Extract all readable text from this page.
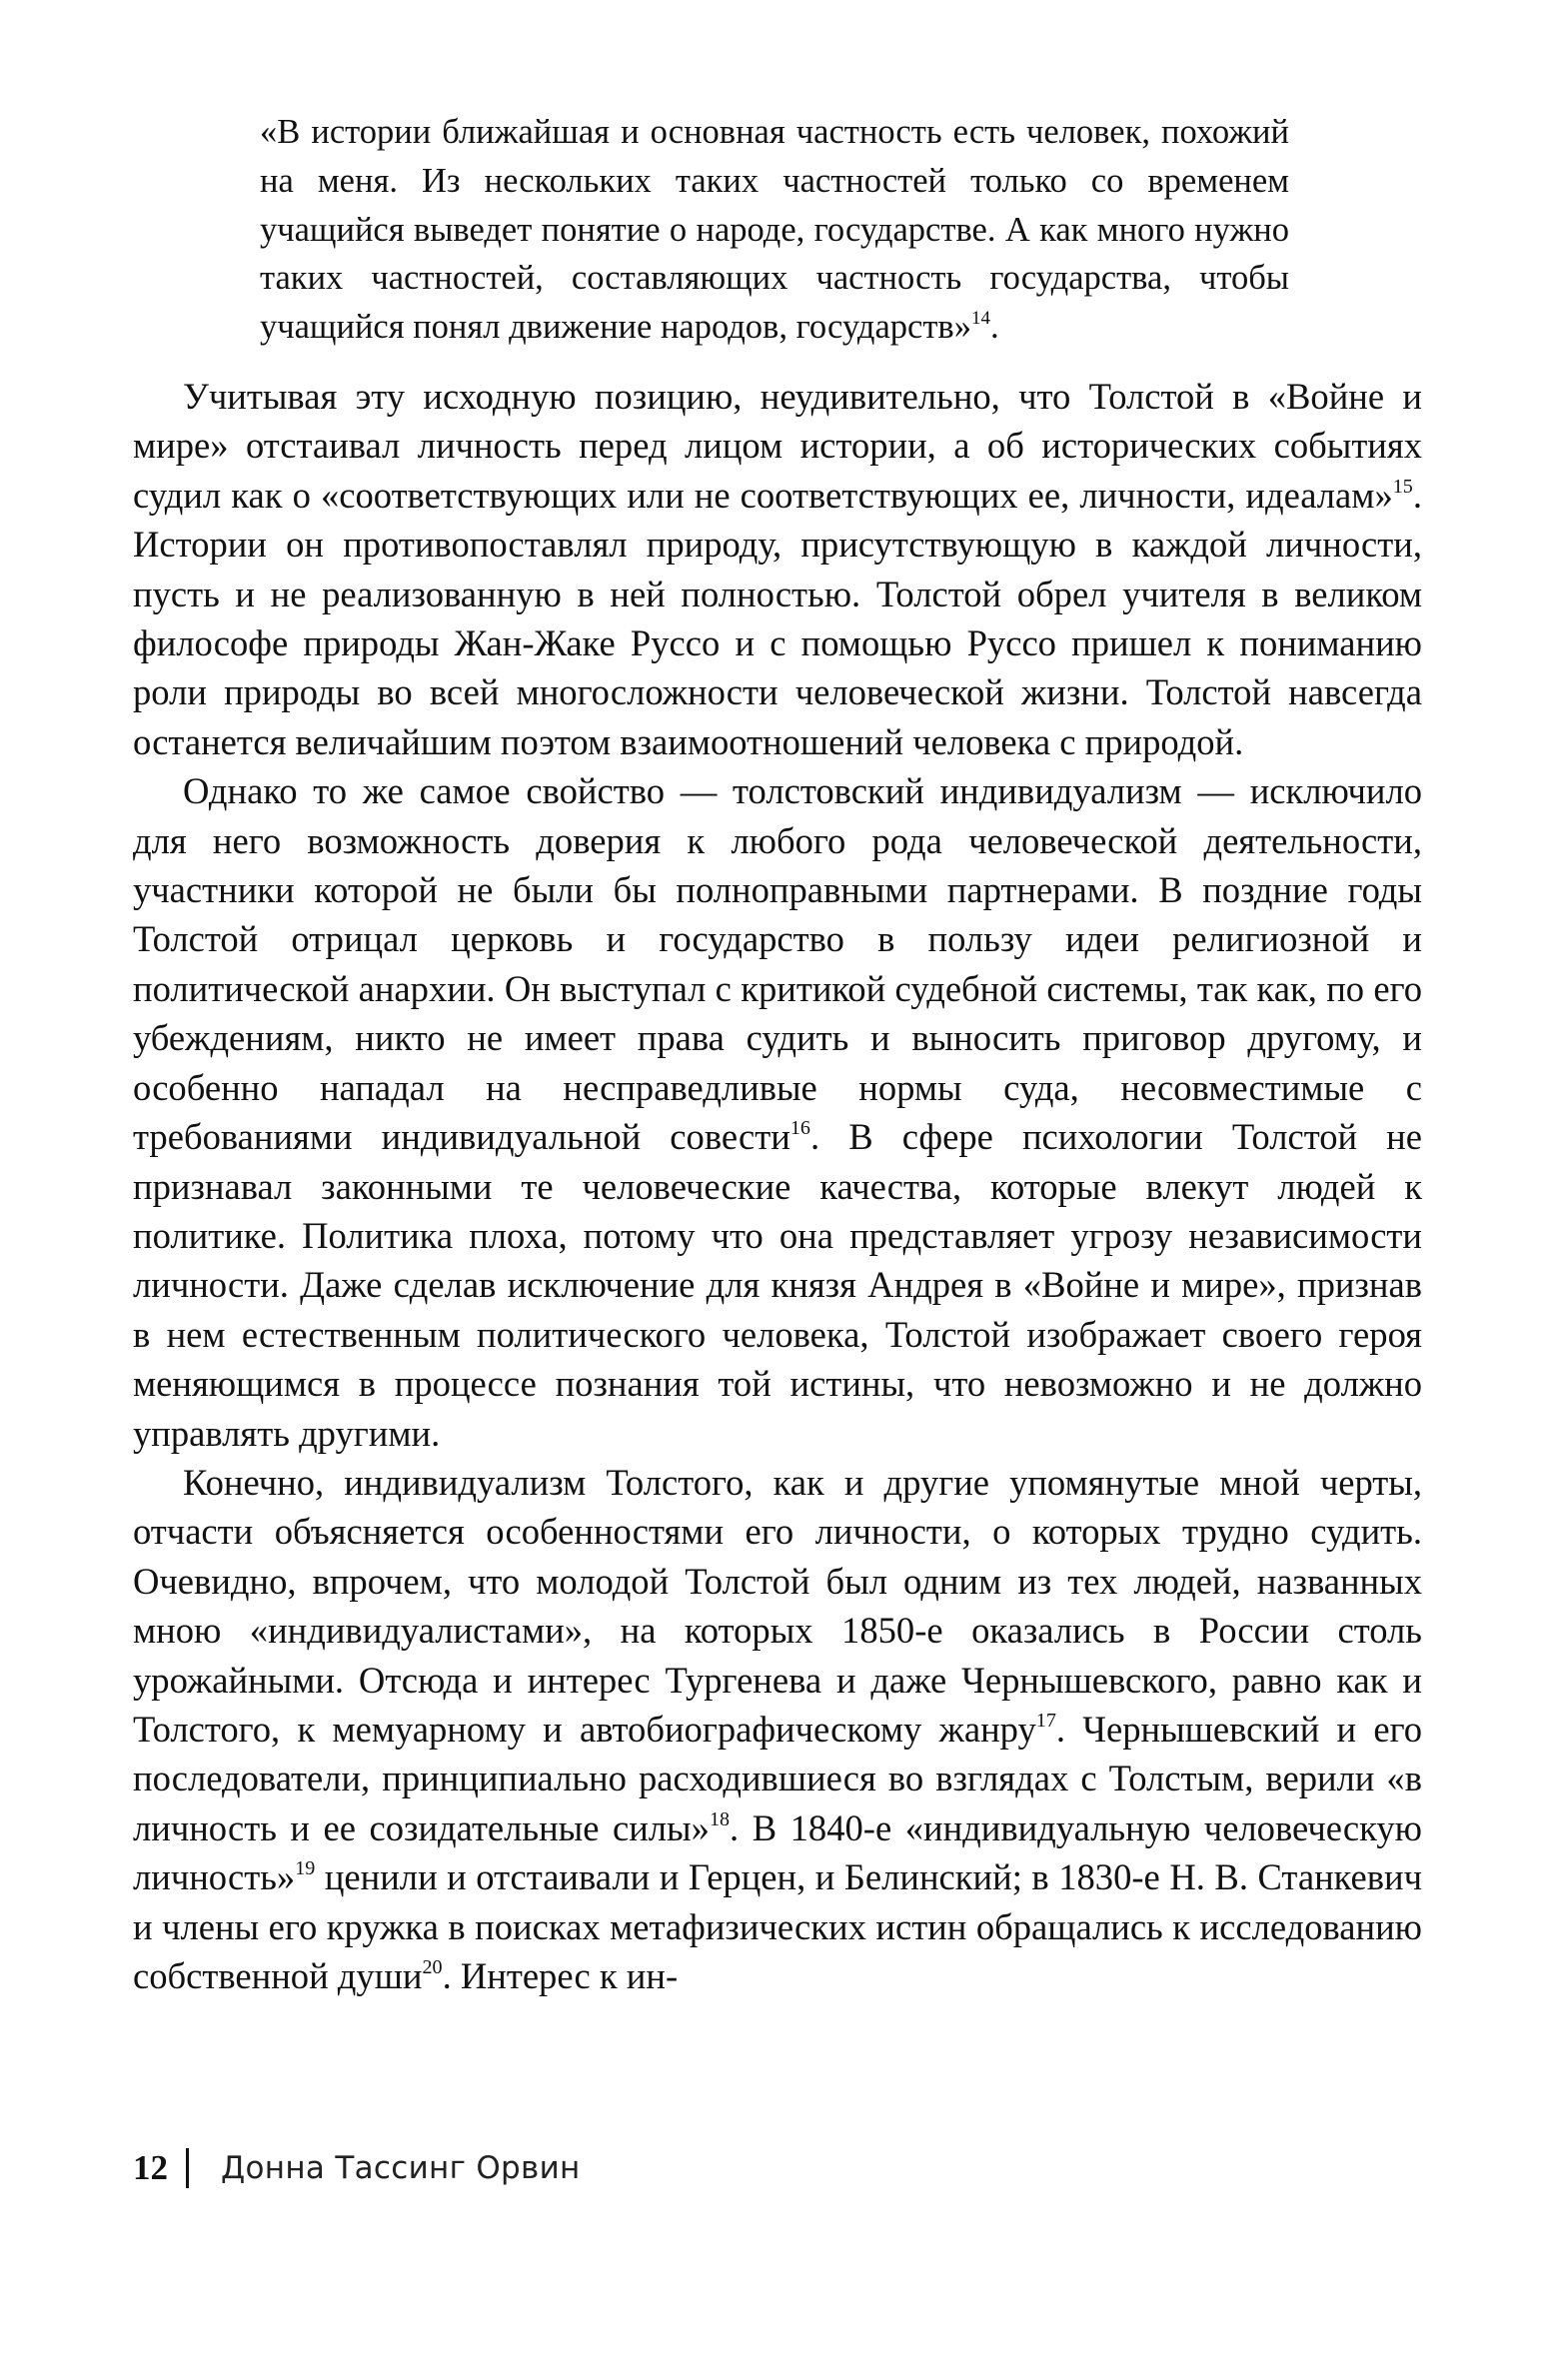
«В истории ближайшая и основная частность есть человек, похожий на меня. Из нескольких таких частностей только со временем учащийся выведет понятие о народе, государстве. А как много нужно таких частностей, составляющих частность государства, чтобы учащийся понял движение народов, государств»$^{14}$.

Учитывая эту исходную позицию, неудивительно, что Толстой в «Войне и мире» отстаивал личность перед лицом истории, а об исторических событиях судил как о «соответствующих или не соответствующих ее, личности, идеалам»$^{15}$. Истории он противопоставлял природу, присутствующую в каждой личности, пусть и не реализованную в ней полностью. Толстой обрел учителя в великом философе природы Жан-Жаке Руссо и с помощью Руссо пришел к пониманию роли природы во всей многосложности человеческой жизни. Толстой навсегда останется величайшим поэтом взаимоотношений человека с природой.

Однако то же самое свойство — толстовский индивидуализм — исключило для него возможность доверия к любого рода человеческой деятельности, участники которой не были бы полноправными партнерами. В поздние годы Толстой отрицал церковь и государство в пользу идеи религиозной и политической анархии. Он выступал с критикой судебной системы, так как, по его убеждениям, никто не имеет права судить и выносить приговор другому, и особенно нападал на несправедливые нормы суда, несовместимые с требованиями индивидуальной совести$^{16}$. В сфере психологии Толстой не признавал законными те человеческие качества, которые влекут людей к политике. Политика плоха, потому что она представляет угрозу независимости личности. Даже сделав исключение для князя Андрея в «Войне и мире», признав в нем естественным политического человека, Толстой изображает своего героя меняющимся в процессе познания той истины, что невозможно и не должно управлять другими.

Конечно, индивидуализм Толстого, как и другие упомянутые мной черты, отчасти объясняется особенностями его личности, о которых трудно судить. Очевидно, впрочем, что молодой Толстой был одним из тех людей, названных мною «индивидуалистами», на которых 1850-е оказались в России столь урожайными. Отсюда и интерес Тургенева и даже Чернышевского, равно как и Толстого, к мемуарному и автобиографическому жанру$^{17}$. Чернышевский и его последователи, принципиально расходившиеся во взглядах с Толстым, верили «в личность и ее созидательные силы»$^{18}$. В 1840-е «индивидуальную человеческую личность»$^{19}$ ценили и отстаивали и Герцен, и Белинский; в 1830-е Н. В. Станкевич и члены его кружка в поисках метафизических истин обращались к исследованию собственной души$^{20}$. Интерес к ин-

12 Донна Тассинг Орвин
